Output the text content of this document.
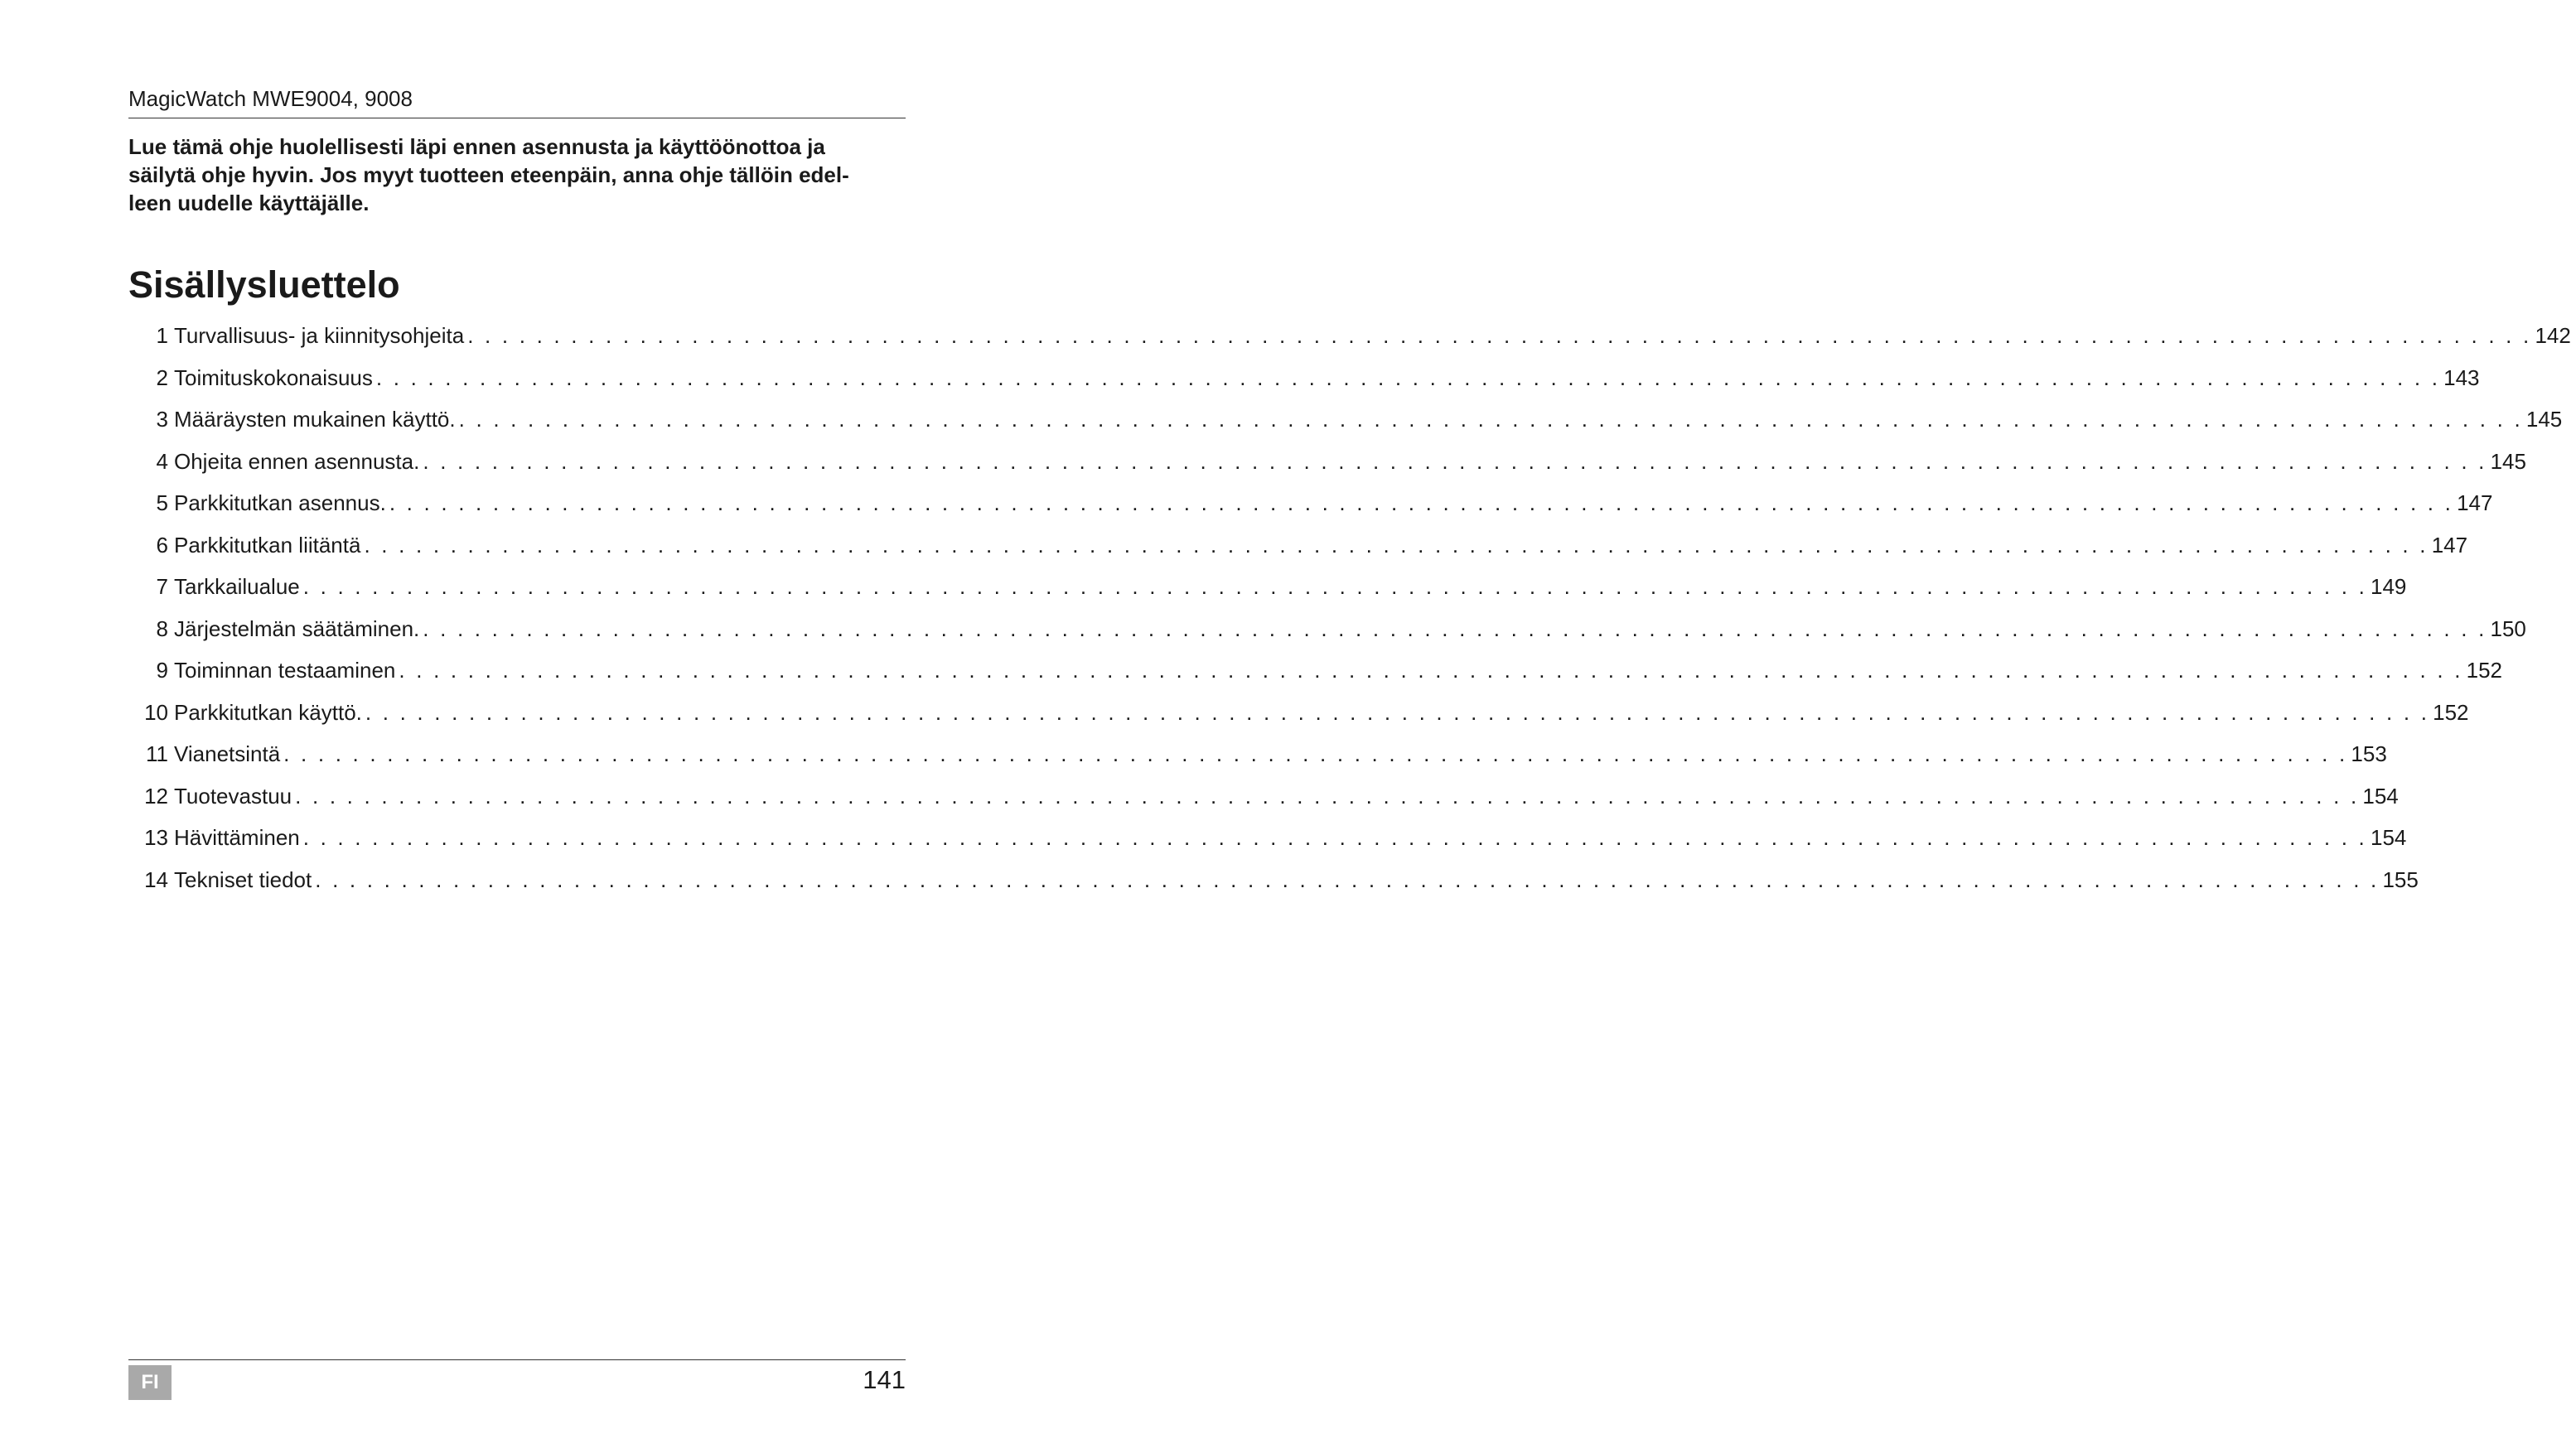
MagicWatch MWE9004, 9008
Lue tämä ohje huolellisesti läpi ennen asennusta ja käyttöönottoa ja
säilytä ohje hyvin. Jos myyt tuotteen eteenpäin, anna ohje tällöin edel-
leen uudelle käyttäjälle.
Sisällysluettelo
1 Turvallisuus- ja kiinnitysohjeita . . . . . . . . . . . . . . . . . . . . . . . . . . . . . . . . . . . . . . . . . . . . . . . . . . . . . . . . . . . . . . . . . . . . . . . . . . . . . . . . . . . . . . . . . . . . . . . . . . . . . . . . . . . . . . . . . . . . . . . . 142
2 Toimituskokonaisuus . . . . . . . . . . . . . . . . . . . . . . . . . . . . . . . . . . . . . . . . . . . . . . . . . . . . . . . . . . . . . . . . . . . . . . . . . . . . . . . . . . . . . . . . . . . . . . . . . . . . . . . . . . . . . . . . . . . . . . . . 143
3 Määräysten mukainen käyttö. . . . . . . . . . . . . . . . . . . . . . . . . . . . . . . . . . . . . . . . . . . . . . . . . . . . . . . . . . . . . . . . . . . . . . . . . . . . . . . . . . . . . . . . . . . . . . . . . . . . . . . . . . . . . . . . . . . . . . . . . 145
4 Ohjeita ennen asennusta. . . . . . . . . . . . . . . . . . . . . . . . . . . . . . . . . . . . . . . . . . . . . . . . . . . . . . . . . . . . . . . . . . . . . . . . . . . . . . . . . . . . . . . . . . . . . . . . . . . . . . . . . . . . . . . . . . . . . . . . . 145
5 Parkkitutkan asennus. . . . . . . . . . . . . . . . . . . . . . . . . . . . . . . . . . . . . . . . . . . . . . . . . . . . . . . . . . . . . . . . . . . . . . . . . . . . . . . . . . . . . . . . . . . . . . . . . . . . . . . . . . . . . . . . . . . . . . . . . 147
6 Parkkitutkan liitäntä . . . . . . . . . . . . . . . . . . . . . . . . . . . . . . . . . . . . . . . . . . . . . . . . . . . . . . . . . . . . . . . . . . . . . . . . . . . . . . . . . . . . . . . . . . . . . . . . . . . . . . . . . . . . . . . . . . . . . . . . 147
7 Tarkkailualue . . . . . . . . . . . . . . . . . . . . . . . . . . . . . . . . . . . . . . . . . . . . . . . . . . . . . . . . . . . . . . . . . . . . . . . . . . . . . . . . . . . . . . . . . . . . . . . . . . . . . . . . . . . . . . . . . . . . . . . . 149
8 Järjestelmän säätäminen. . . . . . . . . . . . . . . . . . . . . . . . . . . . . . . . . . . . . . . . . . . . . . . . . . . . . . . . . . . . . . . . . . . . . . . . . . . . . . . . . . . . . . . . . . . . . . . . . . . . . . . . . . . . . . . . . . . . . . . . . 150
9 Toiminnan testaaminen . . . . . . . . . . . . . . . . . . . . . . . . . . . . . . . . . . . . . . . . . . . . . . . . . . . . . . . . . . . . . . . . . . . . . . . . . . . . . . . . . . . . . . . . . . . . . . . . . . . . . . . . . . . . . . . . . . . . . . . . 152
10 Parkkitutkan käyttö. . . . . . . . . . . . . . . . . . . . . . . . . . . . . . . . . . . . . . . . . . . . . . . . . . . . . . . . . . . . . . . . . . . . . . . . . . . . . . . . . . . . . . . . . . . . . . . . . . . . . . . . . . . . . . . . . . . . . . . . . 152
11 Vianetsintä . . . . . . . . . . . . . . . . . . . . . . . . . . . . . . . . . . . . . . . . . . . . . . . . . . . . . . . . . . . . . . . . . . . . . . . . . . . . . . . . . . . . . . . . . . . . . . . . . . . . . . . . . . . . . . . . . . . . . . . . 153
12 Tuotevastuu . . . . . . . . . . . . . . . . . . . . . . . . . . . . . . . . . . . . . . . . . . . . . . . . . . . . . . . . . . . . . . . . . . . . . . . . . . . . . . . . . . . . . . . . . . . . . . . . . . . . . . . . . . . . . . . . . . . . . . . . 154
13 Hävittäminen . . . . . . . . . . . . . . . . . . . . . . . . . . . . . . . . . . . . . . . . . . . . . . . . . . . . . . . . . . . . . . . . . . . . . . . . . . . . . . . . . . . . . . . . . . . . . . . . . . . . . . . . . . . . . . . . . . . . . . . . 154
14 Tekniset tiedot . . . . . . . . . . . . . . . . . . . . . . . . . . . . . . . . . . . . . . . . . . . . . . . . . . . . . . . . . . . . . . . . . . . . . . . . . . . . . . . . . . . . . . . . . . . . . . . . . . . . . . . . . . . . . . . . . . . . . . . . 155
FI	141
